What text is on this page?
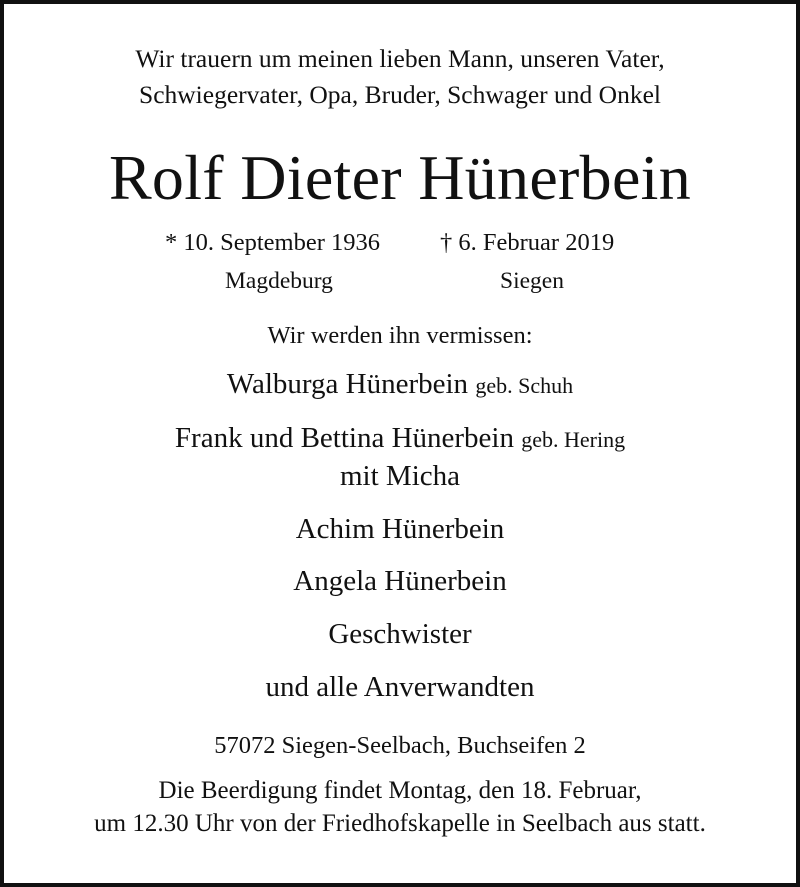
Wir trauern um meinen lieben Mann, unseren Vater,
Schwiegervater, Opa, Bruder, Schwager und Onkel
Rolf Dieter Hünerbein
* 10. September 1936 † 6. Februar 2019
Magdeburg	Siegen
Wir werden ihn vermissen:
Walburga Hünerbein geb. Schuh
Frank und Bettina Hünerbein geb. Hering
mit Micha
Achim Hünerbein
Angela Hünerbein
Geschwister
und alle Anverwandten
57072 Siegen-Seelbach, Buchseifen 2
Die Beerdigung findet Montag, den 18. Februar,
um 12.30 Uhr von der Friedhofskapelle in Seelbach aus statt.
